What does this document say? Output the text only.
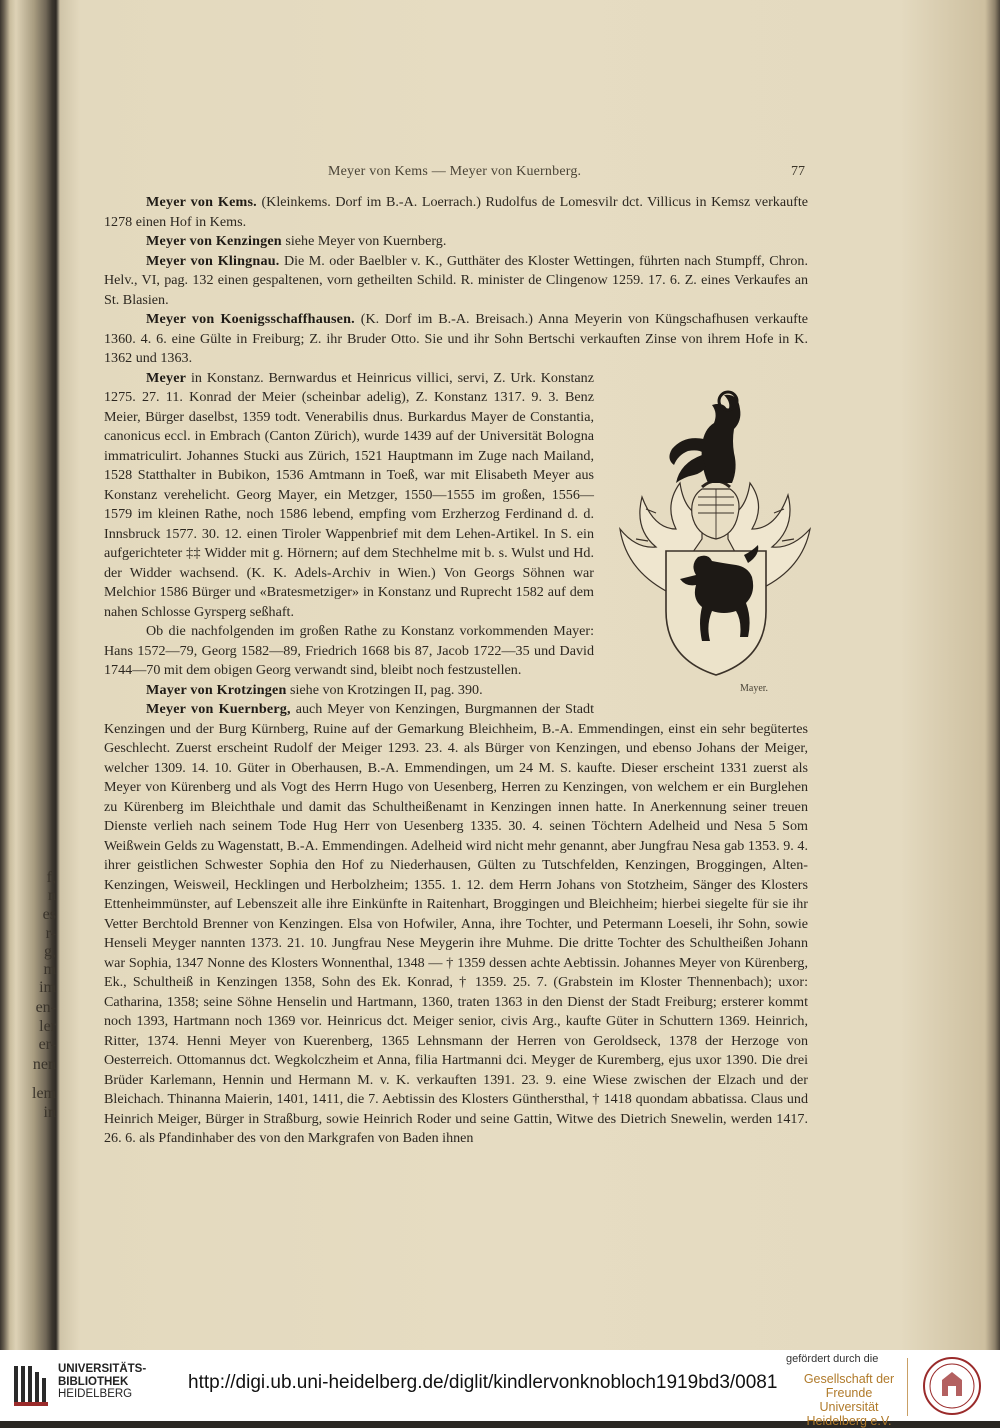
f,
n
es
r-
g,
m
im
en-
ler
er-
nen
lem
in
Meyer von Kems — Meyer von Kuernberg.	77

Meyer von Kems. (Kleinkems. Dorf im B.-A. Loerrach.) Rudolfus de Lomesvilr dct. Villicus in Kemsz verkaufte 1278 einen Hof in Kems.

Meyer von Kenzingen siehe Meyer von Kuernberg.

Meyer von Klingnau. Die M. oder Baelbler v. K., Gutthäter des Kloster Wettingen, führten nach Stumpff, Chron. Helv., VI, pag. 132 einen gespaltenen, vorn getheilten Schild. R. minister de Clingenow 1259. 17. 6. Z. eines Verkaufes an St. Blasien.

Meyer von Koenigsschaffhausen. (K. Dorf im B.-A. Breisach.) Anna Meyerin von Küngschafhusen verkaufte 1360. 4. 6. eine Gülte in Freiburg; Z. ihr Bruder Otto. Sie und ihr Sohn Bertschi verkauften Zinse von ihrem Hofe in K. 1362 und 1363.

Mayer.

Meyer in Konstanz. Bernwardus et Heinricus villici, servi, Z. Urk. Konstanz 1275. 27. 11. Konrad der Meier (scheinbar adelig), Z. Konstanz 1317. 9. 3. Benz Meier, Bürger daselbst, 1359 todt. Venerabilis dnus. Burkardus Mayer de Constantia, canonicus eccl. in Embrach (Canton Zürich), wurde 1439 auf der Universität Bologna immatriculirt. Johannes Stucki aus Zürich, 1521 Hauptmann im Zuge nach Mailand, 1528 Statthalter in Bubikon, 1536 Amtmann in Toeß, war mit Elisabeth Meyer aus Konstanz verehelicht. Georg Mayer, ein Metzger, 1550—1555 im großen, 1556—1579 im kleinen Rathe, noch 1586 lebend, empfing vom Erzherzog Ferdinand d. d. Innsbruck 1577. 30. 12. einen Tiroler Wappenbrief mit dem Lehen-Artikel. In S. ein aufgerichteter ‡‡ Widder mit g. Hörnern; auf dem Stechhelme mit b. s. Wulst und Hd. der Widder wachsend. (K. K. Adels-Archiv in Wien.) Von Georgs Söhnen war Melchior 1586 Bürger und «Bratesmetziger» in Konstanz und Ruprecht 1582 auf dem nahen Schlosse Gyrsperg seßhaft.

Ob die nachfolgenden im großen Rathe zu Konstanz vorkommenden Mayer: Hans 1572—79, Georg 1582—89, Friedrich 1668 bis 87, Jacob 1722—35 und David 1744—70 mit dem obigen Georg verwandt sind, bleibt noch festzustellen.

Mayer von Krotzingen siehe von Krotzingen II, pag. 390.

Meyer von Kuernberg, auch Meyer von Kenzingen, Burgmannen der Stadt Kenzingen und der Burg Kürnberg, Ruine auf der Gemarkung Bleichheim, B.-A. Emmendingen, einst ein sehr begütertes Geschlecht. Zuerst erscheint Rudolf der Meiger 1293. 23. 4. als Bürger von Kenzingen, und ebenso Johans der Meiger, welcher 1309. 14. 10. Güter in Oberhausen, B.-A. Emmendingen, um 24 M. S. kaufte. Dieser erscheint 1331 zuerst als Meyer von Kürenberg und als Vogt des Herrn Hugo von Uesenberg, Herren zu Kenzingen, von welchem er ein Burglehen zu Kürenberg im Bleichthale und damit das Schultheißenamt in Kenzingen innen hatte. In Anerkennung seiner treuen Dienste verlieh nach seinem Tode Hug Herr von Uesenberg 1335. 30. 4. seinen Töchtern Adelheid und Nesa 5 Som Weißwein Gelds zu Wagenstatt, B.-A. Emmendingen. Adelheid wird nicht mehr genannt, aber Jungfrau Nesa gab 1353. 9. 4. ihrer geistlichen Schwester Sophia den Hof zu Niederhausen, Gülten zu Tutschfelden, Kenzingen, Broggingen, Alten-Kenzingen, Weisweil, Hecklingen und Herbolzheim; 1355. 1. 12. dem Herrn Johans von Stotzheim, Sänger des Klosters Ettenheimmünster, auf Lebenszeit alle ihre Einkünfte in Raitenhart, Broggingen und Bleichheim; hierbei siegelte für sie ihr Vetter Berchtold Brenner von Kenzingen. Elsa von Hofwiler, Anna, ihre Tochter, und Petermann Loeseli, ihr Sohn, sowie Henseli Meyger nannten 1373. 21. 10. Jungfrau Nese Meygerin ihre Muhme. Die dritte Tochter des Schultheißen Johann war Sophia, 1347 Nonne des Klosters Wonnenthal, 1348 — † 1359 dessen achte Aebtissin. Johannes Meyer von Kürenberg, Ek., Schultheiß in Kenzingen 1358, Sohn des Ek. Konrad, † 1359. 25. 7. (Grabstein im Kloster Thennenbach); uxor: Catharina, 1358; seine Söhne Henselin und Hartmann, 1360, traten 1363 in den Dienst der Stadt Freiburg; ersterer kommt noch 1393, Hartmann noch 1369 vor. Heinricus dct. Meiger senior, civis Arg., kaufte Güter in Schuttern 1369. Heinrich, Ritter, 1374. Henni Meyer von Kuerenberg, 1365 Lehnsmann der Herren von Geroldseck, 1378 der Herzoge von Oesterreich. Ottomannus dct. Wegkolczheim et Anna, filia Hartmanni dci. Meyger de Kuremberg, ejus uxor 1390. Die drei Brüder Karlemann, Hennin und Hermann M. v. K. verkauften 1391. 23. 9. eine Wiese zwischen der Elzach und der Bleichach. Thinanna Maierin, 1401, 1411, die 7. Aebtissin des Klosters Günthersthal, † 1418 quondam abbatissa. Claus und Heinrich Meiger, Bürger in Straßburg, sowie Heinrich Roder und seine Gattin, Witwe des Dietrich Snewelin, werden 1417. 26. 6. als Pfandinhaber des von den Markgrafen von Baden ihnen

UNIVERSITÄTS-
BIBLIOTHEK
HEIDELBERG
http://digi.ub.uni-heidelberg.de/diglit/kindlervonknobloch1919bd3/0081
gefördert durch die
Gesellschaft der Freunde
Universität Heidelberg e.V.
